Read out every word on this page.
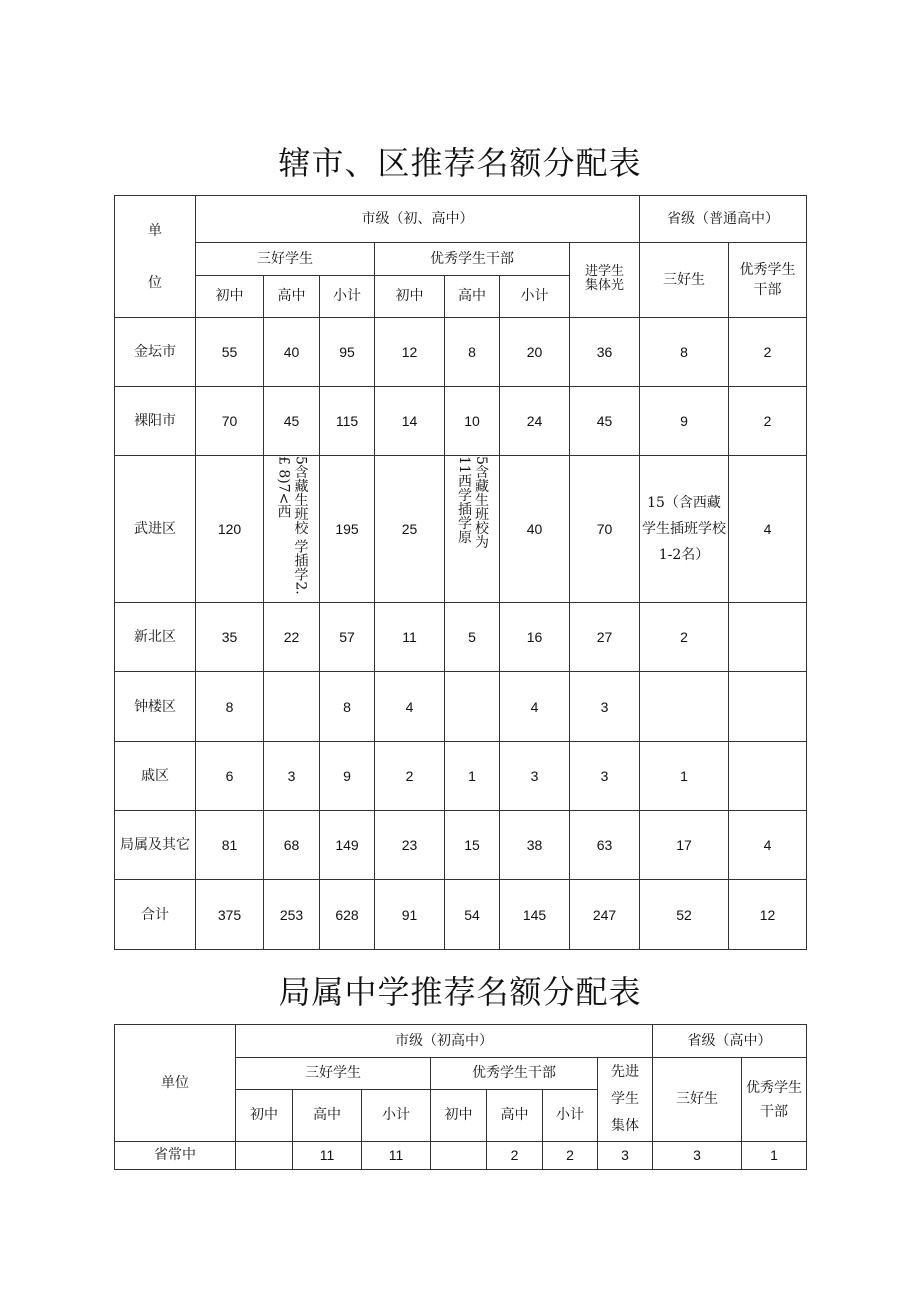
辖市、区推荐名额分配表
单

位	市级（初、高中）							省级（普通高中）	
	三好学生			优秀学生干部			进学生集体光	三好生	优秀学生干部
	初中	高中	小计	初中	高中	小计			
金坛市	55	40	95	12	8	20	36	8	2
裸阳市	70	45	115	14	10	24	45	9	2
武进区	120	5含藏生班校 学插学2.£ 8)7<西	195	25	5含藏生班校为 11西学插学原	40	70	15（含西藏学生插班学校1-2名）	4
新北区	35	22	57	11	5	16	27	2	
钟楼区	8		8	4		4	3		
戚区	6	3	9	2	1	3	3	1	
局属及其它	81	68	149	23	15	38	63	17	4
合计	375	253	628	91	54	145	247	52	12
局属中学推荐名额分配表
单位	市级（初高中）							省级（高中）	
	三好学生			优秀学生干部			先进学生集体	三好生	优秀学生干部
	初中	高中	小计	初中	高中	小计			
省常中		11	11		2	2	3	3	1
